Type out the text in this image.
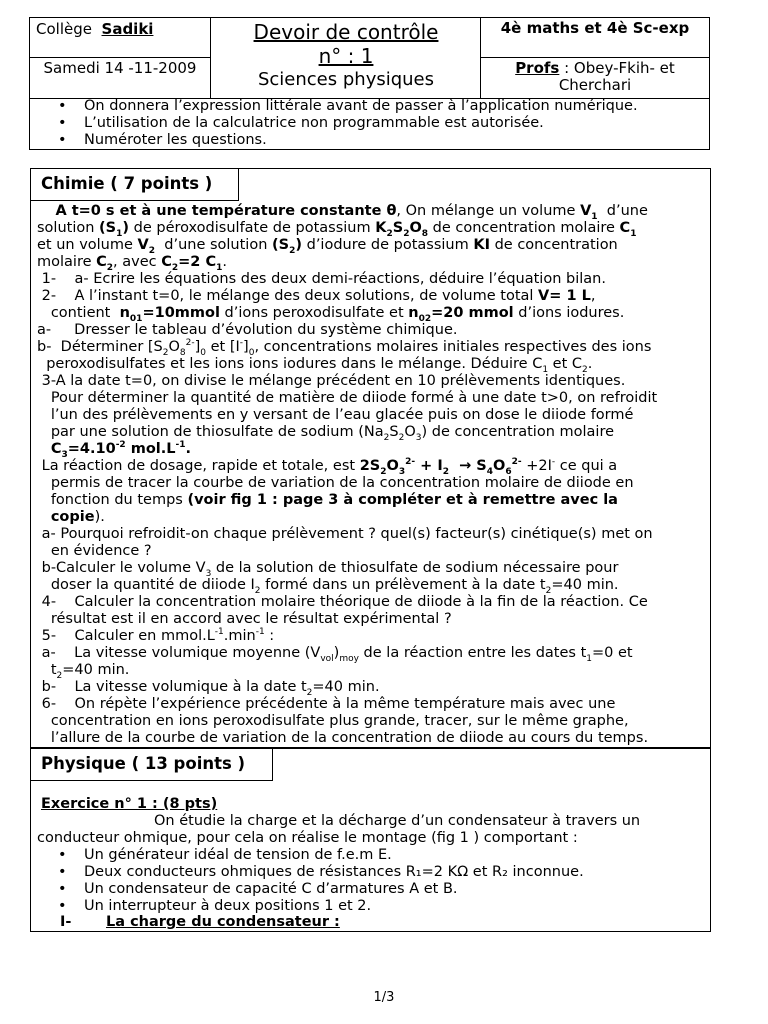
Collège Sadiki
Samedi 14 -11-2009
Devoir de contrôle
n° : 1
Sciences physiques
4è maths et 4è Sc-exp
Profs : Obey-Fkih- et Cherchari
• On donnera l’expression littérale avant de passer à l’application numérique.
• L’utilisation de la calculatrice non programmable est autorisée.
• Numéroter les questions.
Chimie ( 7 points )
A t=0 s et à une température constante θ, On mélange un volume $V_1$  d’une
solution $(S_1)$ de péroxodisulfate de potassium $K_2S_2O_8$ de concentration molaire $C_1$
et un volume $V_2$  d’une solution $(S_2)$ d’iodure de potassium KI de concentration
molaire $C_2$, avec $C_2=2$ $C_1$.
1-    a- Ecrire les équations des deux demi-réactions, déduire l’équation bilan.
2-    A l’instant t=0, le mélange des deux solutions, de volume total V= 1 L,
contient  $n_{01}=10mmol$ d’ions peroxodisulfate et $n_{02}=20$ mmol d’ions iodures.
a-     Dresser le tableau d’évolution du système chimique.
b-  Déterminer $[S_2O_8^{2-}]_0$ et $[I^-]_0$, concentrations molaires initiales respectives des ions
peroxodisulfates et les ions ions iodures dans le mélange. Déduire $C_1$ et $C_2$.
3-A la date t=0, on divise le mélange précédent en 10 prélèvements identiques.
Pour déterminer la quantité de matière de diiode formé à une date t>0, on refroidit
l’un des prélèvements en y versant de l’eau glacée puis on dose le diiode formé
par une solution de thiosulfate de sodium $(Na_2S_2O_3)$ de concentration molaire
$C_3=4.10^{-2}$ $mol.L^{-1}$.
La réaction de dosage, rapide et totale, est $2S_2O_3^{2-} + I_2 \to S_4O_6^{2-} +2I^-$ ce qui a
permis de tracer la courbe de variation de la concentration molaire de diiode en
fonction du temps (voir fig 1 : page 3 à compléter et à remettre avec la
copie).
a- Pourquoi refroidit-on chaque prélèvement ? quel(s) facteur(s) cinétique(s) met on
en évidence ?
b-Calculer le volume $V_3$ de la solution de thiosulfate de sodium nécessaire pour
doser la quantité de diiode $I_2$ formé dans un prélèvement à la date $t_2=40$ min.
4-    Calculer la concentration molaire théorique de diiode à la fin de la réaction. Ce
résultat est il en accord avec le résultat expérimental ?
5-    Calculer en $mmol.L^{-1}.\min^{-1}$ :
a-    La vitesse volumique moyenne $(V_{vol})_{moy}$ de la réaction entre les dates $t_1=0$ et
$t_2=40$ min.
b-    La vitesse volumique à la date $t_2=40$ min.
6-    On répète l’expérience précédente à la même température mais avec une
concentration en ions peroxodisulfate plus grande, tracer, sur le même graphe,
l’allure de la courbe de variation de la concentration de diiode au cours du temps.
Physique ( 13 points )
Exercice n° 1 : (8 pts)
On étudie la charge et la décharge d’un condensateur à travers un
conducteur ohmique, pour cela on réalise le montage (fig 1 ) comportant :
• Un générateur idéal de tension de f.e.m E.
• Deux conducteurs ohmiques de résistances R₁=2 KΩ et R₂ inconnue.
• Un condensateur de capacité C d’armatures A et B.
• Un interrupteur à deux positions 1 et 2.
I- La charge du condensateur :
1/3
